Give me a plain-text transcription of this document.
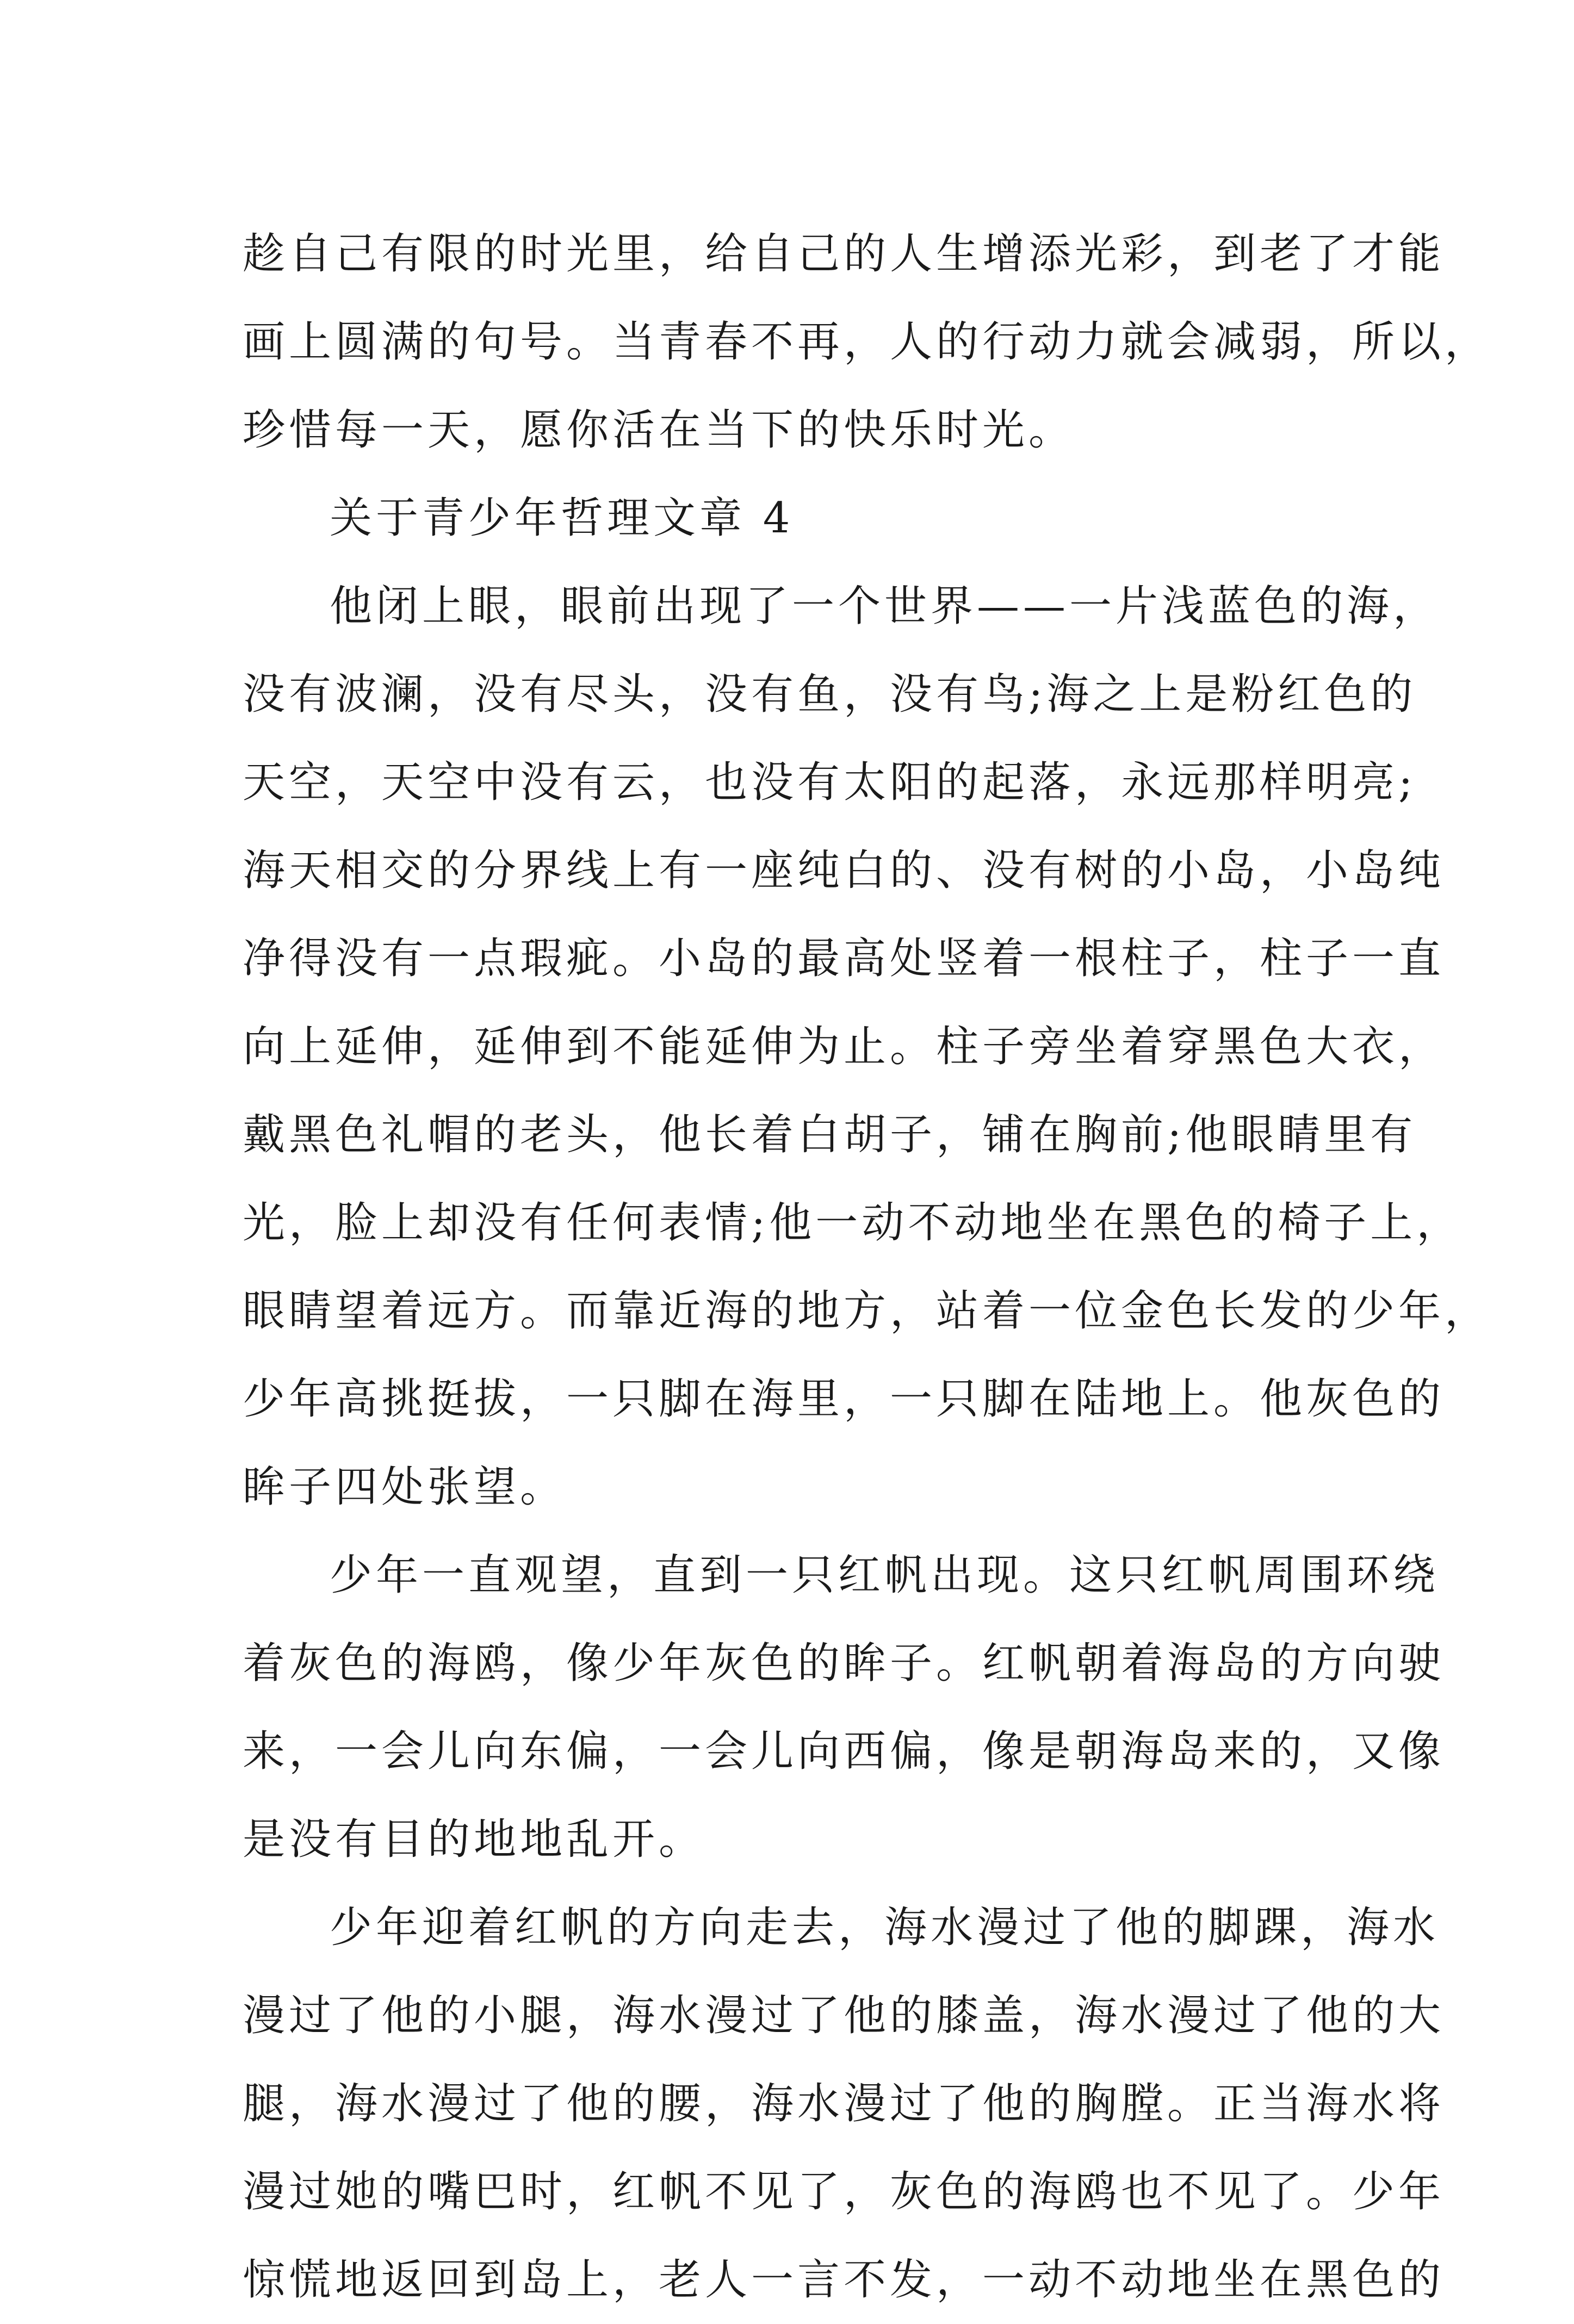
趁自己有限的时光里，给自己的人生增添光彩，到老了才能
画上圆满的句号。当青春不再，人的行动力就会减弱，所以，
珍惜每一天，愿你活在当下的快乐时光。
关于青少年哲理文章 4
他闭上眼，眼前出现了一个世界——一片浅蓝色的海，
没有波澜，没有尽头，没有鱼，没有鸟;海之上是粉红色的
天空，天空中没有云，也没有太阳的起落，永远那样明亮;
海天相交的分界线上有一座纯白的、没有树的小岛，小岛纯
净得没有一点瑕疵。小岛的最高处竖着一根柱子，柱子一直
向上延伸，延伸到不能延伸为止。柱子旁坐着穿黑色大衣，
戴黑色礼帽的老头，他长着白胡子，铺在胸前;他眼睛里有
光，脸上却没有任何表情;他一动不动地坐在黑色的椅子上，
眼睛望着远方。而靠近海的地方，站着一位金色长发的少年，
少年高挑挺拔，一只脚在海里，一只脚在陆地上。他灰色的
眸子四处张望。
少年一直观望，直到一只红帆出现。这只红帆周围环绕
着灰色的海鸥，像少年灰色的眸子。红帆朝着海岛的方向驶
来，一会儿向东偏，一会儿向西偏，像是朝海岛来的，又像
是没有目的地地乱开。
少年迎着红帆的方向走去，海水漫过了他的脚踝，海水
漫过了他的小腿，海水漫过了他的膝盖，海水漫过了他的大
腿，海水漫过了他的腰，海水漫过了他的胸膛。正当海水将
漫过她的嘴巴时，红帆不见了，灰色的海鸥也不见了。少年
惊慌地返回到岛上，老人一言不发，一动不动地坐在黑色的
